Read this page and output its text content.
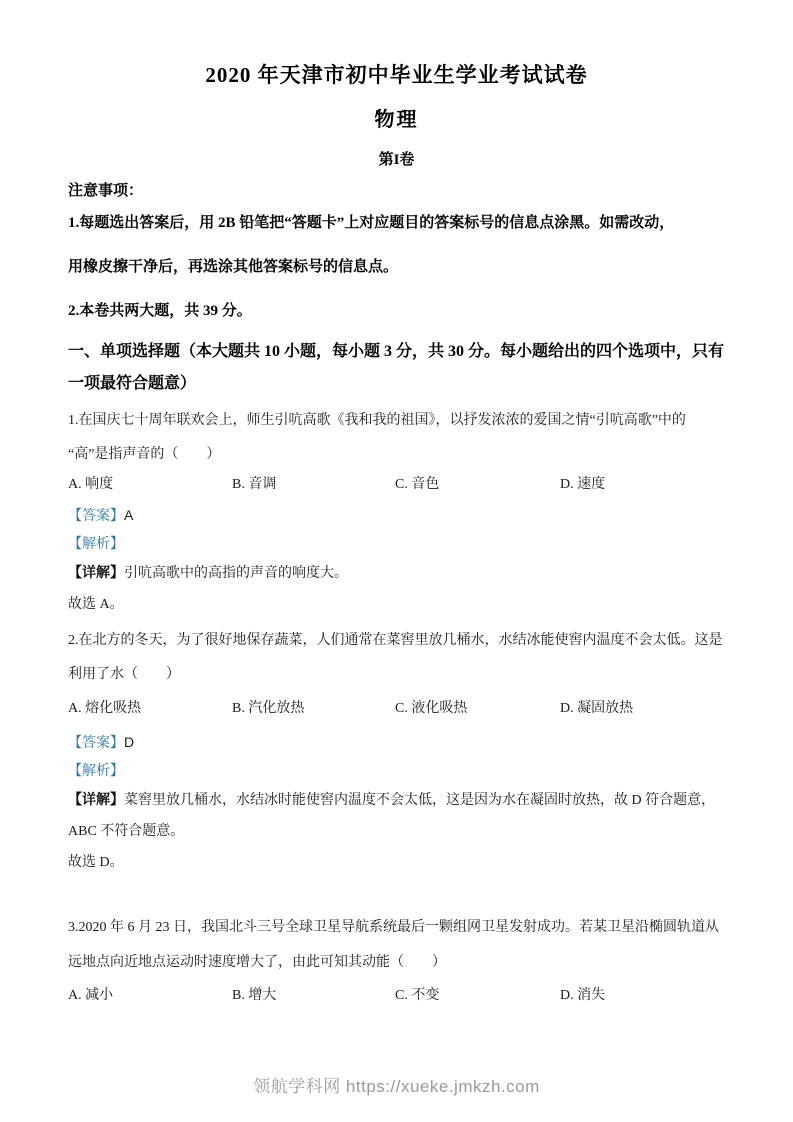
2020 年天津市初中毕业生学业考试试卷
物理
第I卷
注意事项：
1.每题选出答案后，用 2B 铅笔把“答题卡”上对应题目的答案标号的信息点涂黑。如需改动，
用橡皮擦干净后，再选涂其他答案标号的信息点。
2.本卷共两大题，共 39 分。
一、单项选择题（本大题共 10 小题，每小题 3 分，共 30 分。每小题给出的四个选项中，只有
一项最符合题意）
1.在国庆七十周年联欢会上，师生引吭高歌《我和我的祖国》，以抒发浓浓的爱国之情“引吭高歌”中的
“高”是指声音的（　　）
A. 响度	B. 音调	C. 音色	D. 速度
【答案】A
【解析】
【详解】引吭高歌中的高指的声音的响度大。
故选 A。
2.在北方的冬天，为了很好地保存蔬菜，人们通常在菜窖里放几桶水，水结冰能使窖内温度不会太低。这是
利用了水（　　）
A. 熔化吸热	B. 汽化放热	C. 液化吸热	D. 凝固放热
【答案】D
【解析】
【详解】菜窖里放几桶水，水结冰时能使窖内温度不会太低，这是因为水在凝固时放热，故 D 符合题意，
ABC 不符合题意。
故选 D。
3.2020 年 6 月 23 日，我国北斗三号全球卫星导航系统最后一颗组网卫星发射成功。若某卫星沿椭圆轨道从
远地点向近地点运动时速度增大了，由此可知其动能（　　）
A. 减小	B. 增大	C. 不变	D. 消失
领航学科网 https://xueke.jmkzh.com
